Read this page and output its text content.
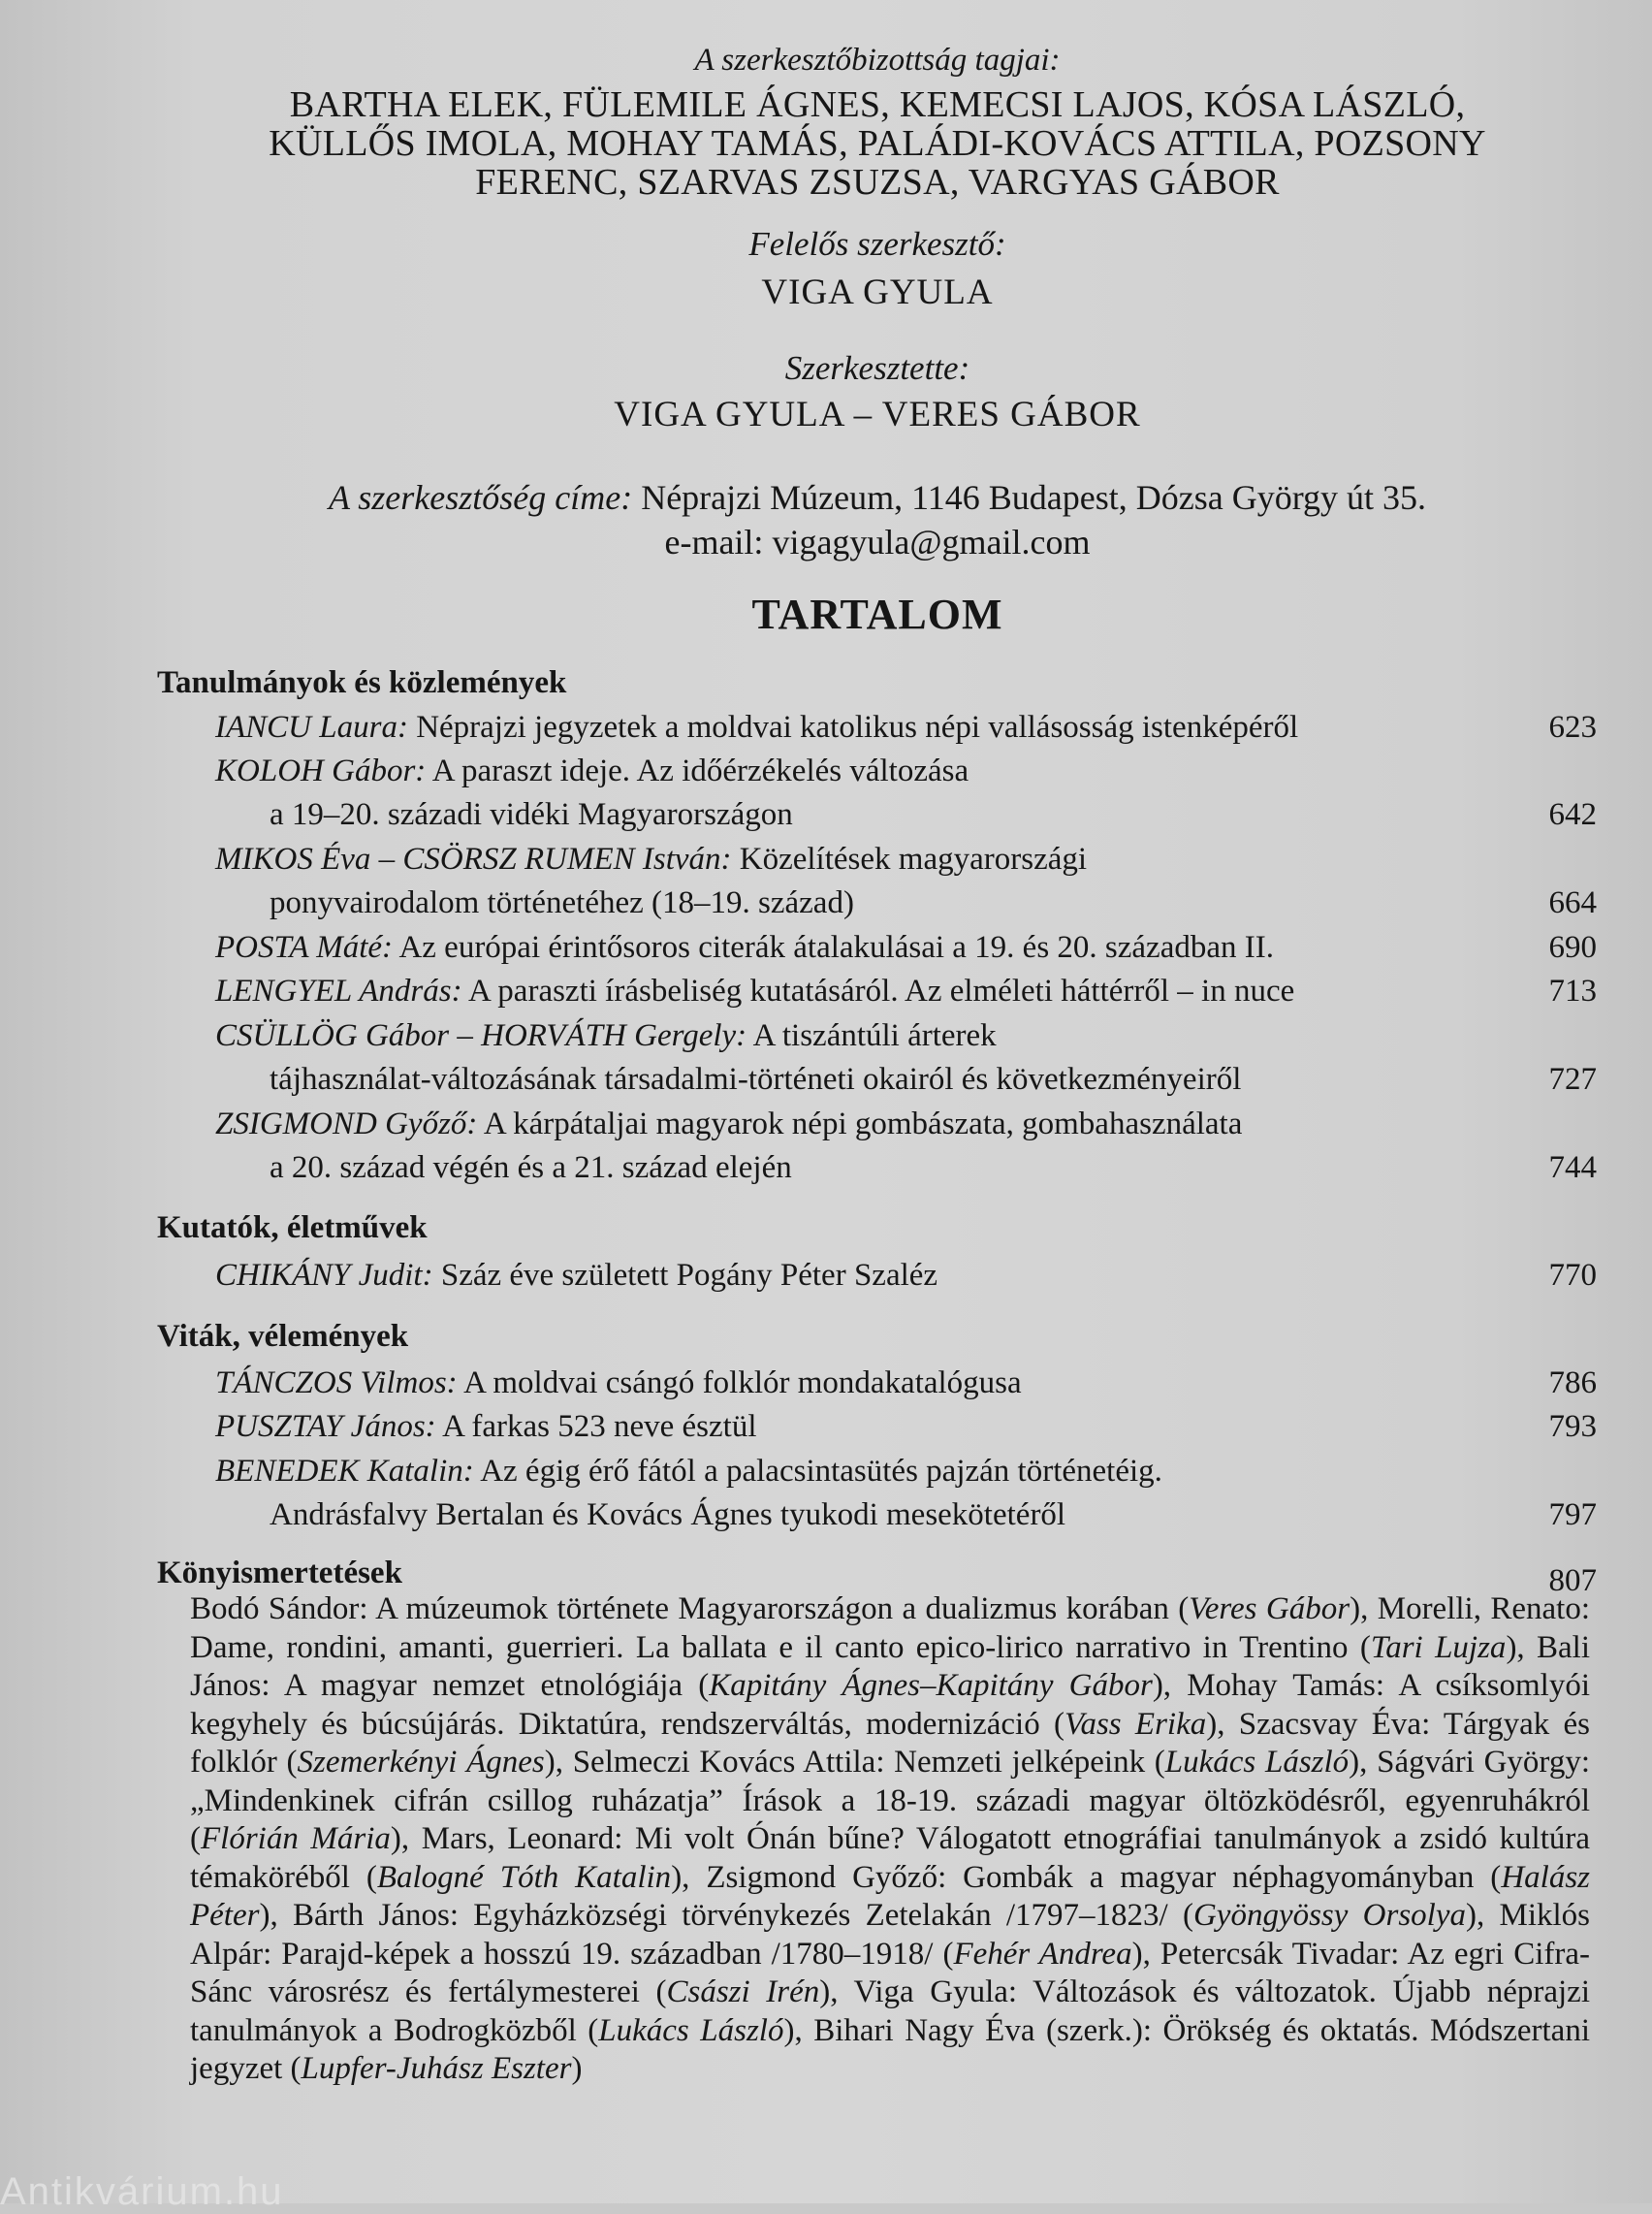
A szerkesztőbizottság tagjai:
BARTHA ELEK, FÜLEMILE ÁGNES, KEMECSI LAJOS, KÓSA LÁSZLÓ,
KÜLLŐS IMOLA, MOHAY TAMÁS, PALÁDI-KOVÁCS ATTILA, POZSONY
FERENC, SZARVAS ZSUZSA, VARGYAS GÁBOR
Felelős szerkesztő:
VIGA GYULA
Szerkesztette:
VIGA GYULA – VERES GÁBOR
A szerkesztőség címe: Néprajzi Múzeum, 1146 Budapest, Dózsa György út 35.
e-mail: vigagyula@gmail.com
TARTALOM
Tanulmányok és közlemények
IANCU Laura: Néprajzi jegyzetek a moldvai katolikus népi vallásosság istenképéről	623
KOLOH Gábor: A paraszt ideje. Az időérzékelés változása
a 19–20. századi vidéki Magyarországon	642
MIKOS Éva – CSÖRSZ RUMEN István: Közelítések magyarországi
ponyvairodalom történetéhez (18–19. század)	664
POSTA Máté: Az európai érintősoros citerák átalakulásai a 19. és 20. században II.	690
LENGYEL András: A paraszti írásbeliség kutatásáról. Az elméleti háttérről – in nuce	713
CSÜLLÖG Gábor – HORVÁTH Gergely: A tiszántúli árterek
tájhasználat-változásának társadalmi-történeti okairól és következményeiről	727
ZSIGMOND Győző: A kárpátaljai magyarok népi gombászata, gombahasználata
a 20. század végén és a 21. század elején	744
Kutatók, életművek
CHIKÁNY Judit: Száz éve született Pogány Péter Szaléz	770
Viták, vélemények
TÁNCZOS Vilmos: A moldvai csángó folklór mondakatalógusa	786
PUSZTAY János: A farkas 523 neve észtül	793
BENEDEK Katalin: Az égig érő fától a palacsintasütés pajzán történetéig.
Andrásfalvy Bertalan és Kovács Ágnes tyukodi mesekötetéről	797
Könyismertetések	807
Bodó Sándor: A múzeumok története Magyarországon a dualizmus korában (Veres Gábor), Morelli, Renato: Dame, rondini, amanti, guerrieri. La ballata e il canto epico-lirico narrativo in Trentino (Tari Lujza), Bali János: A magyar nemzet etnológiája (Kapitány Ágnes–Kapitány Gábor), Mohay Tamás: A csíksomlyói kegyhely és búcsújárás. Diktatúra, rendszerváltás, modernizáció (Vass Erika), Szacsvay Éva: Tárgyak és folklór (Szemerkényi Ágnes), Selmeczi Kovács Attila: Nemzeti jelképeink (Lukács László), Ságvári György: „Mindenkinek cifrán csillog ruházatja” Írások a 18-19. századi magyar öltözködésről, egyenruhákról (Flórián Mária), Mars, Leonard: Mi volt Ónán bűne? Válogatott etnográfiai tanulmányok a zsidó kultúra témaköréből (Balogné Tóth Katalin), Zsigmond Győző: Gombák a magyar néphagyományban (Halász Péter), Bárth János: Egyházközségi törvénykezés Zetelakán /1797–1823/ (Gyöngyössy Orsolya), Miklós Alpár: Parajd-képek a hosszú 19. században /1780–1918/ (Fehér Andrea), Petercsák Tivadar: Az egri Cifra-Sánc városrész és fertálymesterei (Császi Irén), Viga Gyula: Változások és változatok. Újabb néprajzi tanulmányok a Bodrogközből (Lukács László), Bihari Nagy Éva (szerk.): Örökség és oktatás. Módszertani jegyzet (Lupfer-Juhász Eszter)
Antikvárium.hu
